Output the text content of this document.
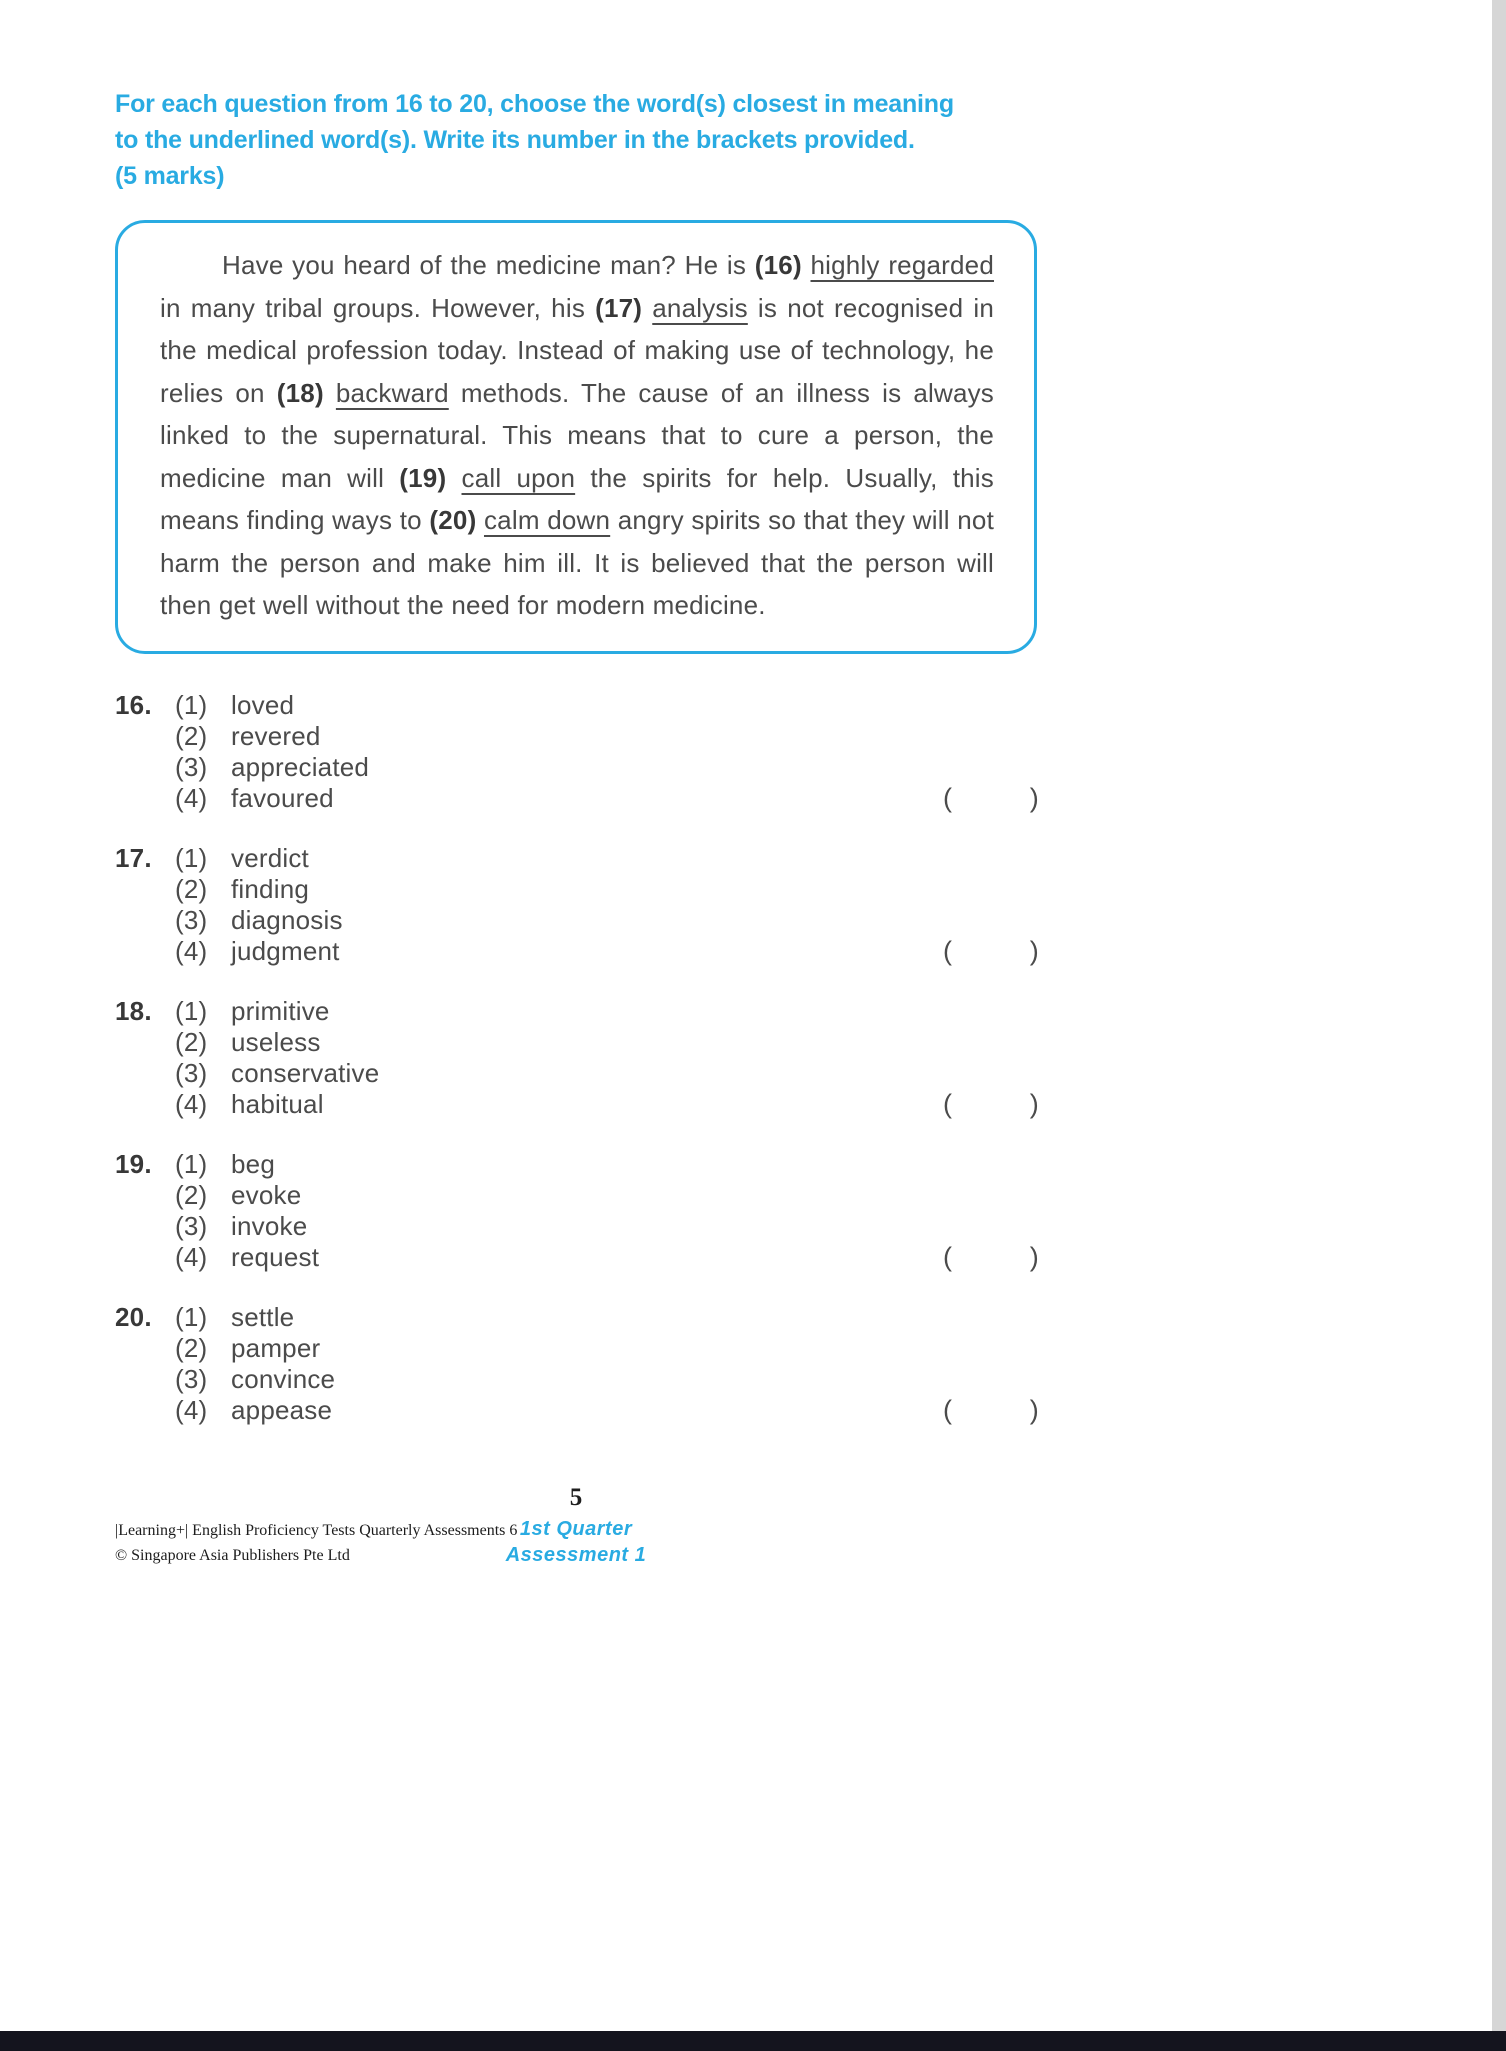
For each question from 16 to 20, choose the word(s) closest in meaning
to the underlined word(s). Write its number in the brackets provided.
(5 marks)

Have you heard of the medicine man? He is (16) highly regarded in many tribal groups. However, his (17) analysis is not recognised in the medical profession today. Instead of making use of technology, he relies on (18) backward methods. The cause of an illness is always linked to the supernatural. This means that to cure a person, the medicine man will (19) call upon the spirits for help. Usually, this means finding ways to (20) calm down angry spirits so that they will not harm the person and make him ill. It is believed that the person will then get well without the need for modern medicine.

16. (1) loved
(2) revered
(3) appreciated
(4) favoured	(	)
17. (1) verdict
(2) finding
(3) diagnosis
(4) judgment	(	)
18. (1) primitive
(2) useless
(3) conservative
(4) habitual	(	)
19. (1) beg
(2) evoke
(3) invoke
(4) request	(	)
20. (1) settle
(2) pamper
(3) convince
(4) appease	(	)
5
|Learning+| English Proficiency Tests Quarterly Assessments 6
© Singapore Asia Publishers Pte Ltd
1st Quarter
Assessment 1
